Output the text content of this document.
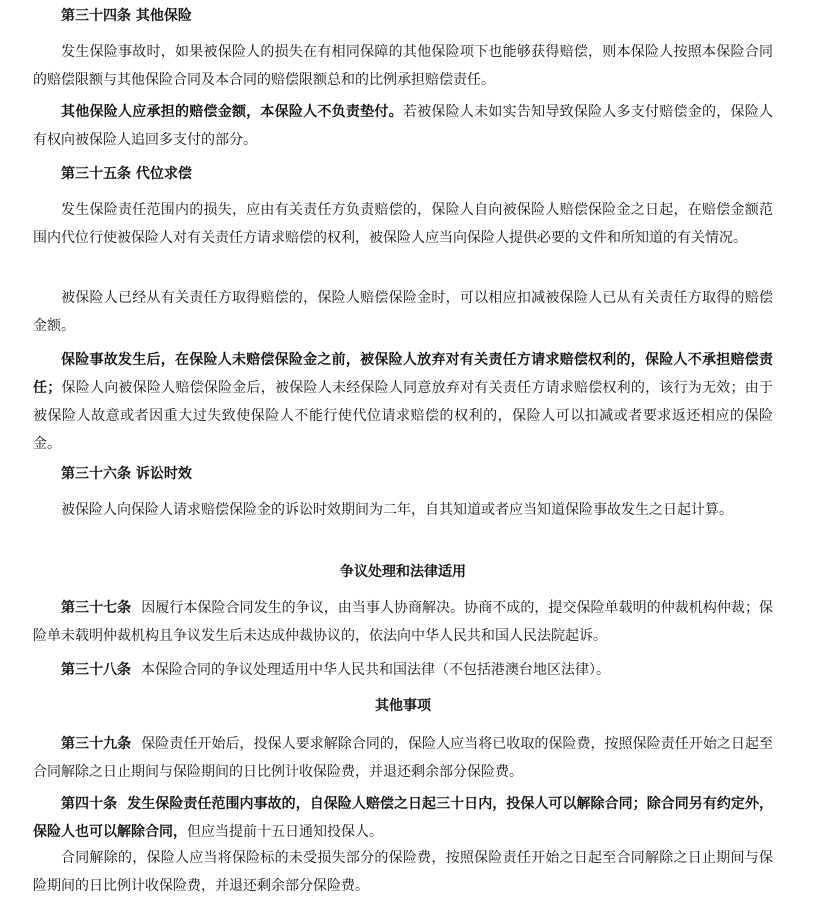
第三十四条 其他保险

发生保险事故时，如果被保险人的损失在有相同保障的其他保险项下也能够获得赔偿，则本保险人按照本保险合同的赔偿限额与其他保险合同及本合同的赔偿限额总和的比例承担赔偿责任。

其他保险人应承担的赔偿金额，本保险人不负责垫付。若被保险人未如实告知导致保险人多支付赔偿金的，保险人有权向被保险人追回多支付的部分。

第三十五条 代位求偿

发生保险责任范围内的损失，应由有关责任方负责赔偿的，保险人自向被保险人赔偿保险金之日起，在赔偿金额范围内代位行使被保险人对有关责任方请求赔偿的权利，被保险人应当向保险人提供必要的文件和所知道的有关情况。

被保险人已经从有关责任方取得赔偿的，保险人赔偿保险金时，可以相应扣减被保险人已从有关责任方取得的赔偿金额。

保险事故发生后，在保险人未赔偿保险金之前，被保险人放弃对有关责任方请求赔偿权利的，保险人不承担赔偿责任；保险人向被保险人赔偿保险金后，被保险人未经保险人同意放弃对有关责任方请求赔偿权利的，该行为无效；由于被保险人故意或者因重大过失致使保险人不能行使代位请求赔偿的权利的，保险人可以扣减或者要求返还相应的保险金。

第三十六条 诉讼时效

被保险人向保险人请求赔偿保险金的诉讼时效期间为二年，自其知道或者应当知道保险事故发生之日起计算。

争议处理和法律适用

第三十七条 因履行本保险合同发生的争议，由当事人协商解决。协商不成的，提交保险单载明的仲裁机构仲裁；保险单未载明仲裁机构且争议发生后未达成仲裁协议的，依法向中华人民共和国人民法院起诉。

第三十八条 本保险合同的争议处理适用中华人民共和国法律（不包括港澳台地区法律）。

其他事项

第三十九条 保险责任开始后，投保人要求解除合同的，保险人应当将已收取的保险费，按照保险责任开始之日起至合同解除之日止期间与保险期间的日比例计收保险费，并退还剩余部分保险费。

第四十条 发生保险责任范围内事故的，自保险人赔偿之日起三十日内，投保人可以解除合同；除合同另有约定外，保险人也可以解除合同，但应当提前十五日通知投保人。

合同解除的，保险人应当将保险标的未受损失部分的保险费，按照保险责任开始之日起至合同解除之日止期间与保险期间的日比例计收保险费，并退还剩余部分保险费。
